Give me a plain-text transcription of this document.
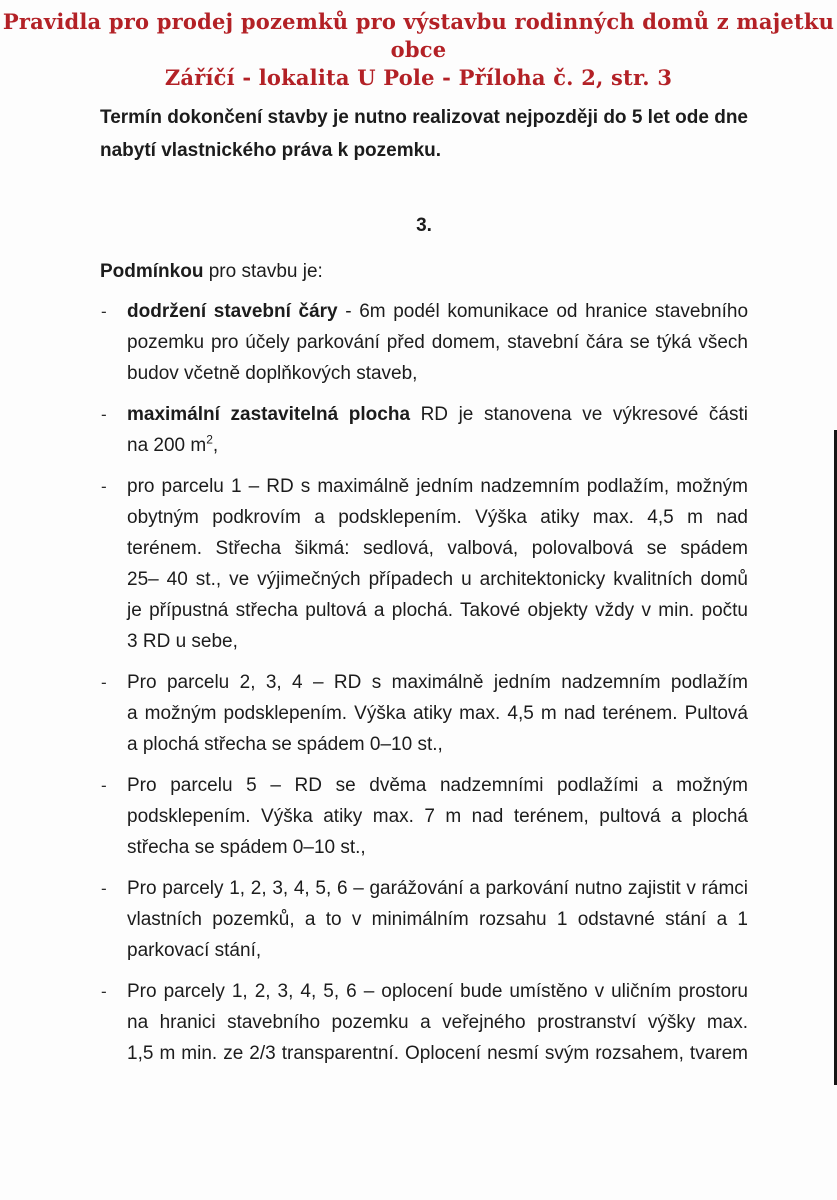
Pravidla pro prodej pozemků pro výstavbu rodinných domů z majetku obce
Záříčí - lokalita U Pole - Příloha č. 2, str. 3
Termín dokončení stavby je nutno realizovat nejpozději do 5 let ode dne
nabytí vlastnického práva k pozemku.
3.
Podmínkou pro stavbu je:
- dodržení stavební čáry - 6m podél komunikace od hranice stavebního
pozemku pro účely parkování před domem, stavební čára se týká všech
budov včetně doplňkových staveb,
- maximální zastavitelná plocha RD je stanovena ve výkresové části
na 200 $m^2$,
- pro parcelu 1 – RD s maximálně jedním nadzemním podlažím, možným
obytným podkrovím a podsklepením. Výška atiky max. 4,5 m nad
terénem. Střecha šikmá: sedlová, valbová, polovalbová se spádem
25– 40 st., ve výjimečných případech u architektonicky kvalitních domů
je přípustná střecha pultová a plochá. Takové objekty vždy v min. počtu
3 RD u sebe,
- Pro parcelu 2, 3, 4 – RD s maximálně jedním nadzemním podlažím
a možným podsklepením. Výška atiky max. 4,5 m nad terénem. Pultová
a plochá střecha se spádem 0–10 st.,
- Pro parcelu 5 – RD se dvěma nadzemními podlažími a možným
podsklepením. Výška atiky max. 7 m nad terénem, pultová a plochá
střecha se spádem 0–10 st.,
- Pro parcely 1, 2, 3, 4, 5, 6 – garážování a parkování nutno zajistit v rámci
vlastních pozemků, a to v minimálním rozsahu 1 odstavné stání a 1
parkovací stání,
- Pro parcely 1, 2, 3, 4, 5, 6 – oplocení bude umístěno v uličním prostoru
na hranici stavebního pozemku a veřejného prostranství výšky max.
1,5 m min. ze 2/3 transparentní. Oplocení nesmí svým rozsahem, tvarem
